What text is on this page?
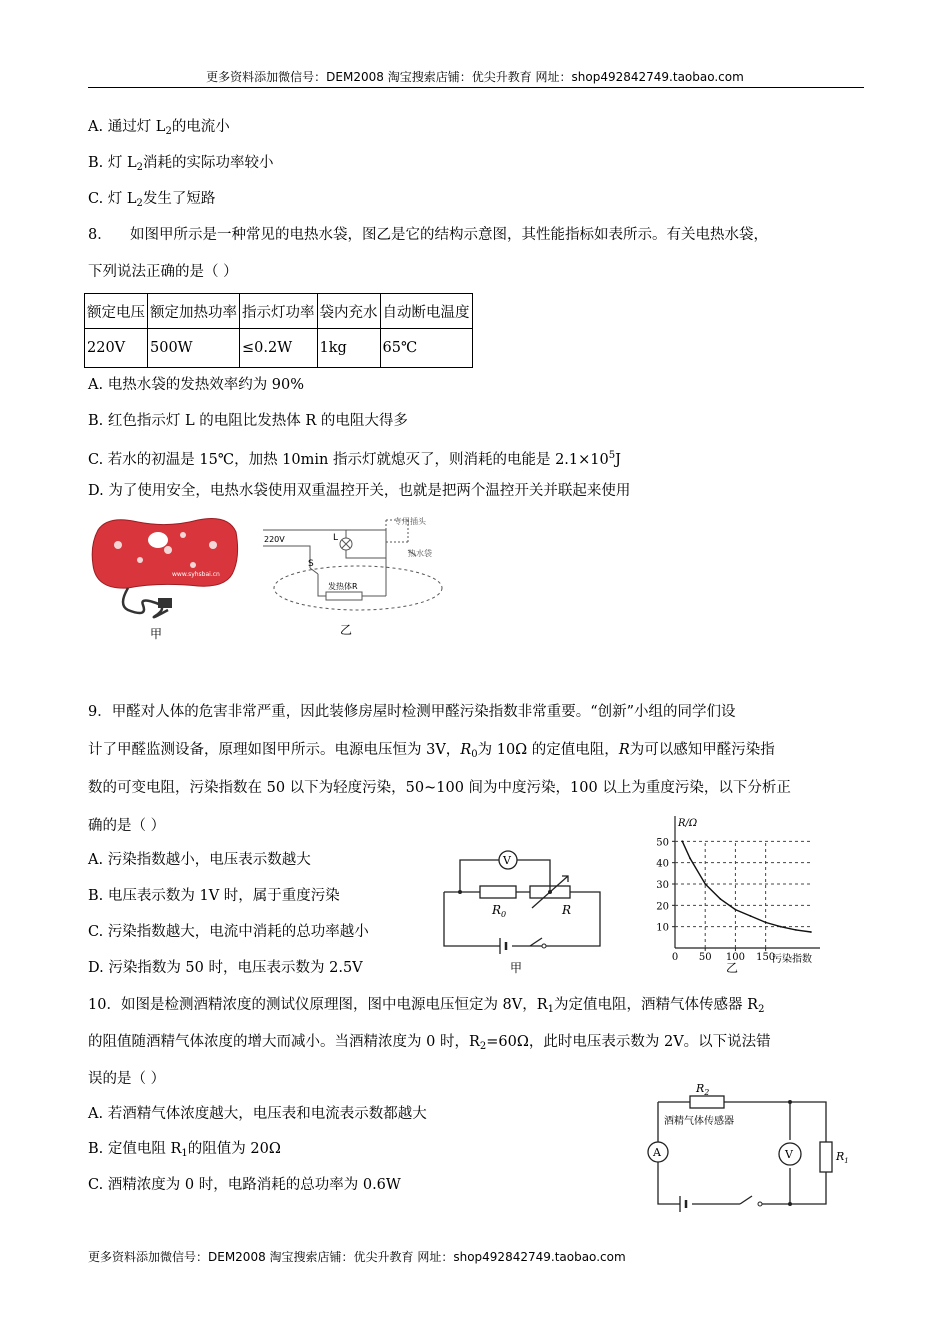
更多资料添加微信号：DEM2008 淘宝搜索店铺：优尖升教育 网址：shop492842749.taobao.com
A. 通过灯 $L_2$的电流小
B. 灯 $L_2$消耗的实际功率较小
C. 灯 $L_2$发生了短路
8． 如图甲所示是一种常见的电热水袋，图乙是它的结构示意图，其性能指标如表所示。有关电热水袋，
下列说法正确的是（ ）
额定电压	额定加热功率	指示灯功率	袋内充水	自动断电温度
220V	500W	≤0.2W	1kg	65℃
A. 电热水袋的发热效率约为 90%
B. 红色指示灯 L 的电阻比发热体 R 的电阻大得多
C. 若水的初温是 15℃，加热 10min 指示灯就熄灭了，则消耗的电能是 $2.1\times 10^5J$
D. 为了使用安全，电热水袋使用双重温控开关，也就是把两个温控开关并联起来使用
www.syhsbai.cn
甲
220V	L
S
专用插头
热水袋
发热体R
乙
9．甲醛对人体的危害非常严重，因此装修房屋时检测甲醛污染指数非常重要。“创新”小组的同学们设
计了甲醛监测设备，原理如图甲所示。电源电压恒为 3V，$R_0$为 10Ω 的定值电阻，R为可以感知甲醛污染指
数的可变电阻，污染指数在 50 以下为轻度污染，50~100 间为中度污染，100 以上为重度污染，以下分析正
确的是（ ）
A. 污染指数越小，电压表示数越大
B. 电压表示数为 1V 时，属于重度污染
C. 污染指数越大，电流中消耗的总功率越小
D. 污染指数为 50 时，电压表示数为 2.5V
V
$R_0$	R
甲
10
20
30
40
50
0 50 100 150
R/Ω
污染指数
乙
10．如图是检测酒精浓度的测试仪原理图，图中电源电压恒定为 8V，$R_1$为定值电阻，酒精气体传感器 $R_2$
的阻值随酒精气体浓度的增大而减小。当酒精浓度为 0 时，$R_2=60\Omega$，此时电压表示数为 2V。以下说法错
误的是（ ）
A. 若酒精气体浓度越大，电压表和电流表示数都越大
B. 定值电阻 $R_1$的阻值为 20Ω
C. 酒精浓度为 0 时，电路消耗的总功率为 0.6W
$R_2$
酒精气体传感器
A	V	$R_1$
更多资料添加微信号：DEM2008 淘宝搜索店铺：优尖升教育 网址：shop492842749.taobao.com
